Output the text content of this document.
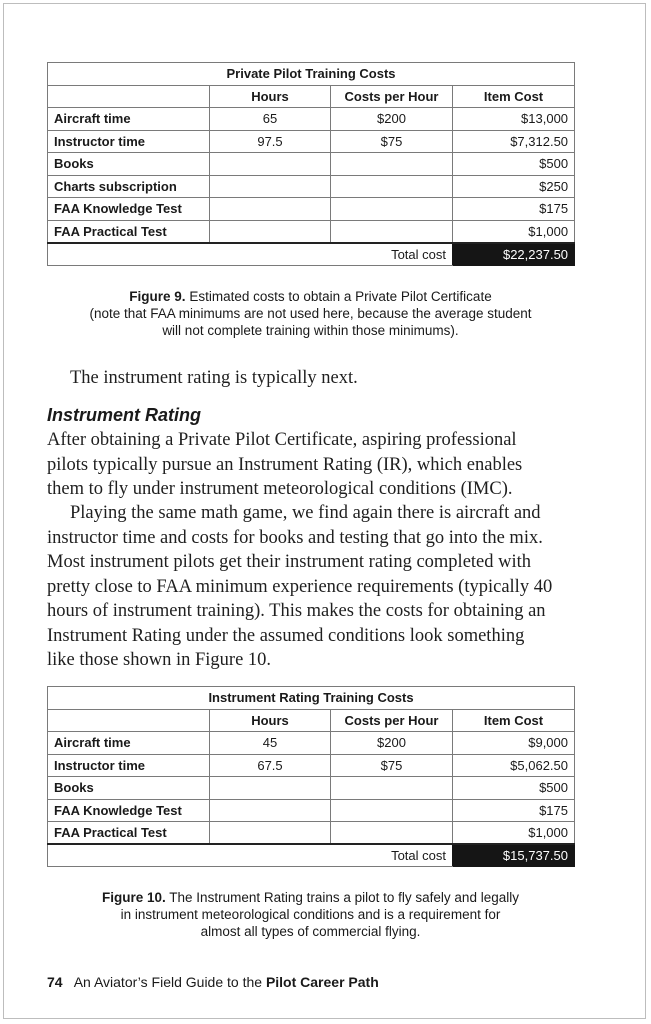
Private Pilot Training Costs			
	Hours	Costs per Hour	Item Cost
Aircraft time	65	$200	$13,000
Instructor time	97.5	$75	$7,312.50
Books			$500
Charts subscription			$250
FAA Knowledge Test			$175
FAA Practical Test			$1,000
		Total cost	$22,237.50
Figure 9. Estimated costs to obtain a Private Pilot Certificate
(note that FAA minimums are not used here, because the average student
will not complete training within those minimums).
The instrument rating is typically next.
Instrument Rating
After obtaining a Private Pilot Certificate, aspiring professional
pilots typically pursue an Instrument Rating (IR), which enables
them to fly under instrument meteorological conditions (IMC).
Playing the same math game, we find again there is aircraft and
instructor time and costs for books and testing that go into the mix.
Most instrument pilots get their instrument rating completed with
pretty close to FAA minimum experience requirements (typically 40
hours of instrument training). This makes the costs for obtaining an
Instrument Rating under the assumed conditions look something
like those shown in Figure 10.
Instrument Rating Training Costs			
	Hours	Costs per Hour	Item Cost
Aircraft time	45	$200	$9,000
Instructor time	67.5	$75	$5,062.50
Books			$500
FAA Knowledge Test			$175
FAA Practical Test			$1,000
		Total cost	$15,737.50
Figure 10. The Instrument Rating trains a pilot to fly safely and legally
in instrument meteorological conditions and is a requirement for
almost all types of commercial flying.
74 An Aviator’s Field Guide to the Pilot Career Path
